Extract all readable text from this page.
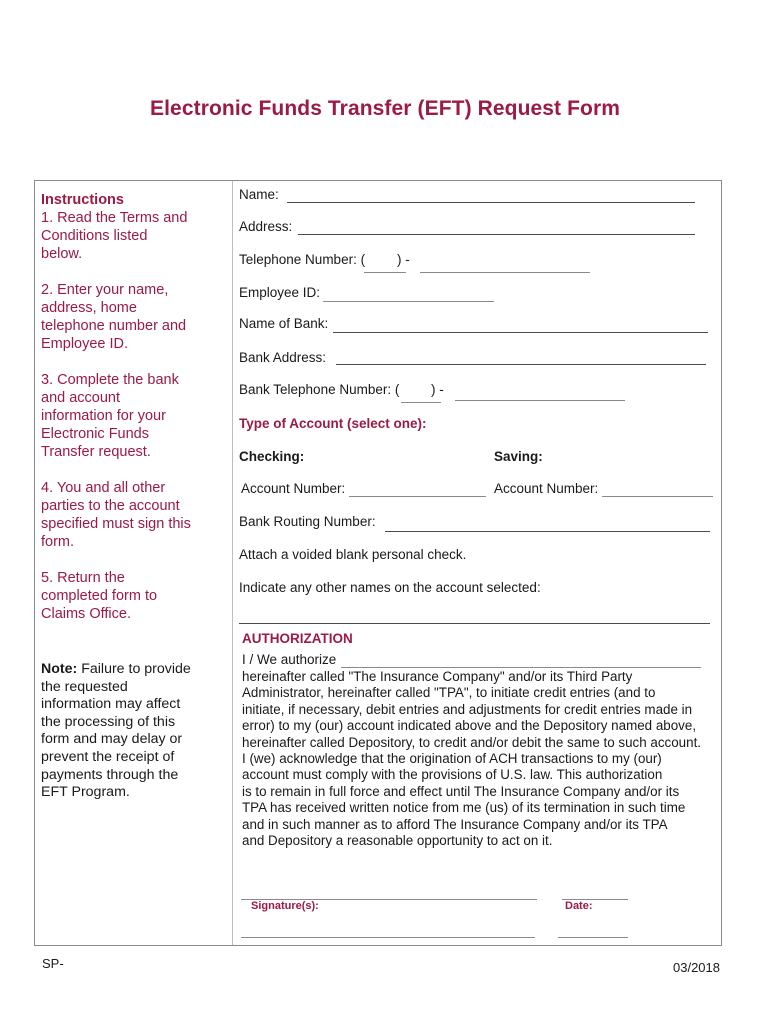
Electronic Funds Transfer (EFT) Request Form
Instructions

1. Read the Terms and Conditions listed below.

2. Enter your name, address, home telephone number and Employee ID.

3. Complete the bank and account information for your Electronic Funds Transfer request.

4. You and all other parties to the account specified must sign this form.

5. Return the completed form to Claims Office.

Note: Failure to provide the requested information may affect the processing of this form and may delay or prevent the receipt of payments through the EFT Program.
Name:
Address:
Telephone Number: ( ) -
Employee ID:
Name of Bank:
Bank Address:
Bank Telephone Number: ( ) -
Type of Account (select one):
Checking:	Saving:
Account Number:	Account Number:
Bank Routing Number:
Attach a voided blank personal check.
Indicate any other names on the account selected:
AUTHORIZATION
I / We authorize
hereinafter called "The Insurance Company" and/or its Third Party
Administrator, hereinafter called "TPA", to initiate credit entries (and to
initiate, if necessary, debit entries and adjustments for credit entries made in
error) to my (our) account indicated above and the Depository named above,
hereinafter called Depository, to credit and/or debit the same to such account.
I (we) acknowledge that the origination of ACH transactions to my (our)
account must comply with the provisions of U.S. law. This authorization
is to remain in full force and effect until The Insurance Company and/or its
TPA has received written notice from me (us) of its termination in such time
and in such manner as to afford The Insurance Company and/or its TPA
and Depository a reasonable opportunity to act on it.
Signature(s):	Date:
SP-	03/2018
